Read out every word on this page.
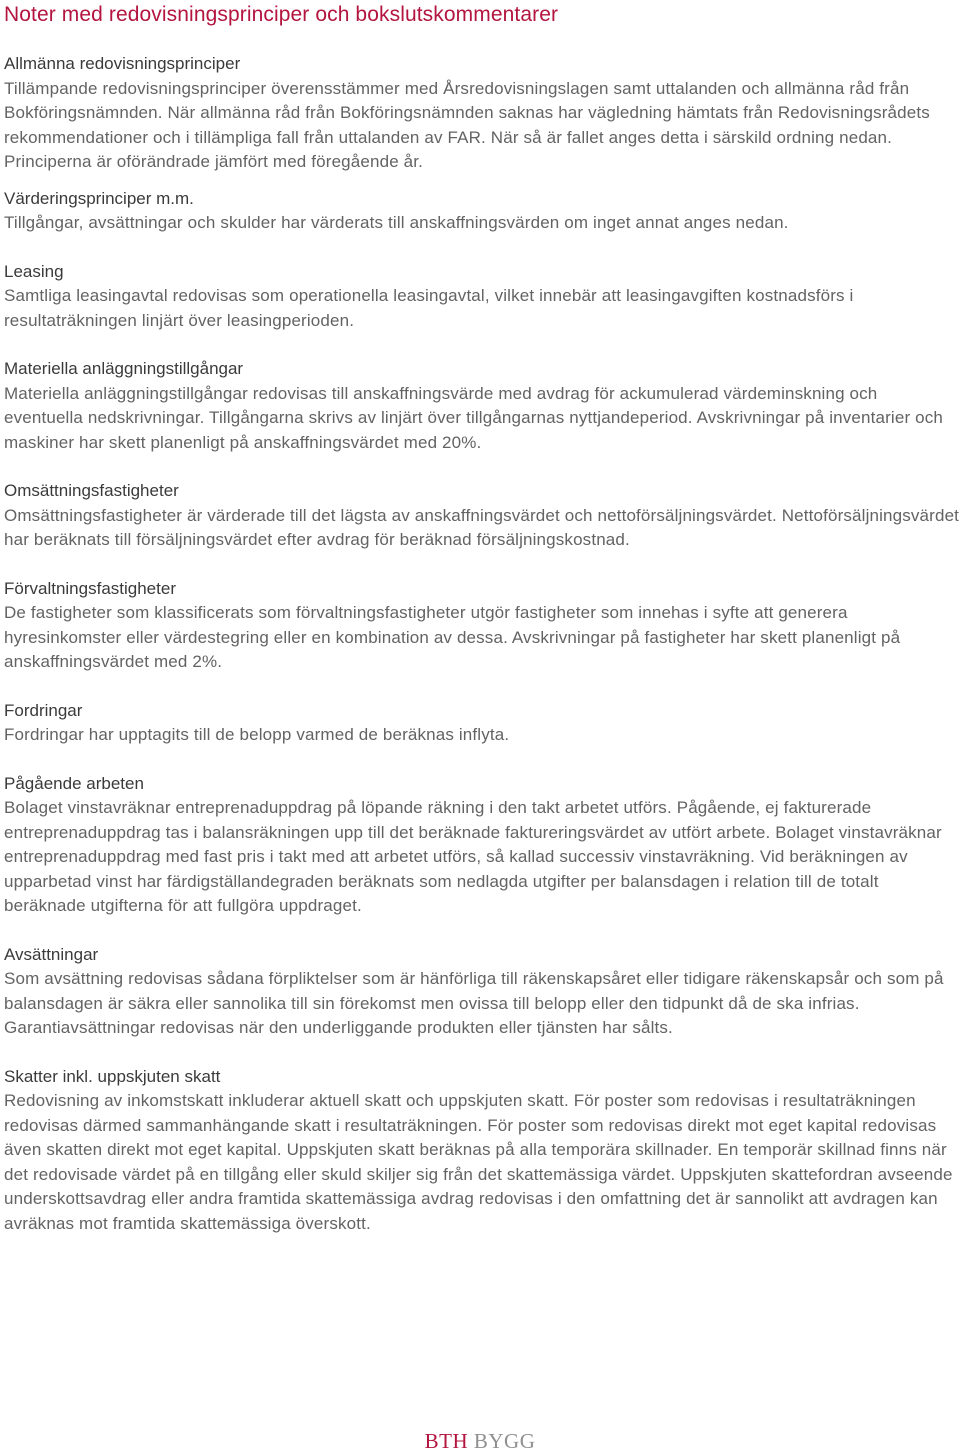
Noter med redovisningsprinciper och bokslutskommentarer
Allmänna redovisningsprinciper

Tillämpande redovisningsprinciper överensstämmer med Årsredovisningslagen samt uttalanden och allmänna råd från Bokföringsnämnden. När allmänna råd från Bokföringsnämnden saknas har vägledning hämtats från Redovisningsrådets rekommendationer och i tillämpliga fall från uttalanden av FAR. När så är fallet anges detta i särskild ordning nedan. Principerna är oförändrade jämfört med föregående år.

Värderingsprinciper m.m.

Tillgångar, avsättningar och skulder har värderats till anskaffningsvärden om inget annat anges nedan.

Leasing

Samtliga leasingavtal redovisas som operationella leasingavtal, vilket innebär att leasingavgiften kostnadsförs i resultaträkningen linjärt över leasingperioden.

Materiella anläggningstillgångar

Materiella anläggningstillgångar redovisas till anskaffningsvärde med avdrag för ackumulerad värdeminskning och eventuella nedskrivningar. Tillgångarna skrivs av linjärt över tillgångarnas nyttjandeperiod. Avskrivningar på inventarier och maskiner har skett planenligt på anskaffningsvärdet med 20%.

Omsättningsfastigheter

Omsättningsfastigheter är värderade till det lägsta av anskaffningsvärdet och nettoförsäljningsvärdet. Nettoförsäljningsvärdet har beräknats till försäljningsvärdet efter avdrag för beräknad försäljningskostnad.

Förvaltningsfastigheter

De fastigheter som klassificerats som förvaltningsfastigheter utgör fastigheter som innehas i syfte att generera hyresinkomster eller värdestegring eller en kombination av dessa. Avskrivningar på fastigheter har skett planenligt på anskaffningsvärdet med 2%.

Fordringar

Fordringar har upptagits till de belopp varmed de beräknas inflyta.

Pågående arbeten

Bolaget vinstavräknar entreprenaduppdrag på löpande räkning i den takt arbetet utförs. Pågående, ej fakturerade entreprenaduppdrag tas i balansräkningen upp till det beräknade faktureringsvärdet av utfört arbete. Bolaget vinstavräknar entreprenaduppdrag med fast pris i takt med att arbetet utförs, så kallad successiv vinstavräkning. Vid beräkningen av upparbetad vinst har färdigställandegraden beräknats som nedlagda utgifter per balansdagen i relation till de totalt beräknade utgifterna för att fullgöra uppdraget.

Avsättningar

Som avsättning redovisas sådana förpliktelser som är hänförliga till räkenskapsåret eller tidigare räkenskapsår och som på balansdagen är säkra eller sannolika till sin förekomst men ovissa till belopp eller den tidpunkt då de ska infrias. Garantiavsättningar redovisas när den underliggande produkten eller tjänsten har sålts.

Skatter inkl. uppskjuten skatt

Redovisning av inkomstskatt inkluderar aktuell skatt och uppskjuten skatt. För poster som redovisas i resultaträkningen redovisas därmed sammanhängande skatt i resultaträkningen. För poster som redovisas direkt mot eget kapital redovisas även skatten direkt mot eget kapital. Uppskjuten skatt beräknas på alla temporära skillnader. En temporär skillnad finns när det redovisade värdet på en tillgång eller skuld skiljer sig från det skattemässiga värdet. Uppskjuten skattefordran avseende underskottsavdrag eller andra framtida skattemässiga avdrag redovisas i den omfattning det är sannolikt att avdragen kan avräknas mot framtida skattemässiga överskott.

BTH BYGG
